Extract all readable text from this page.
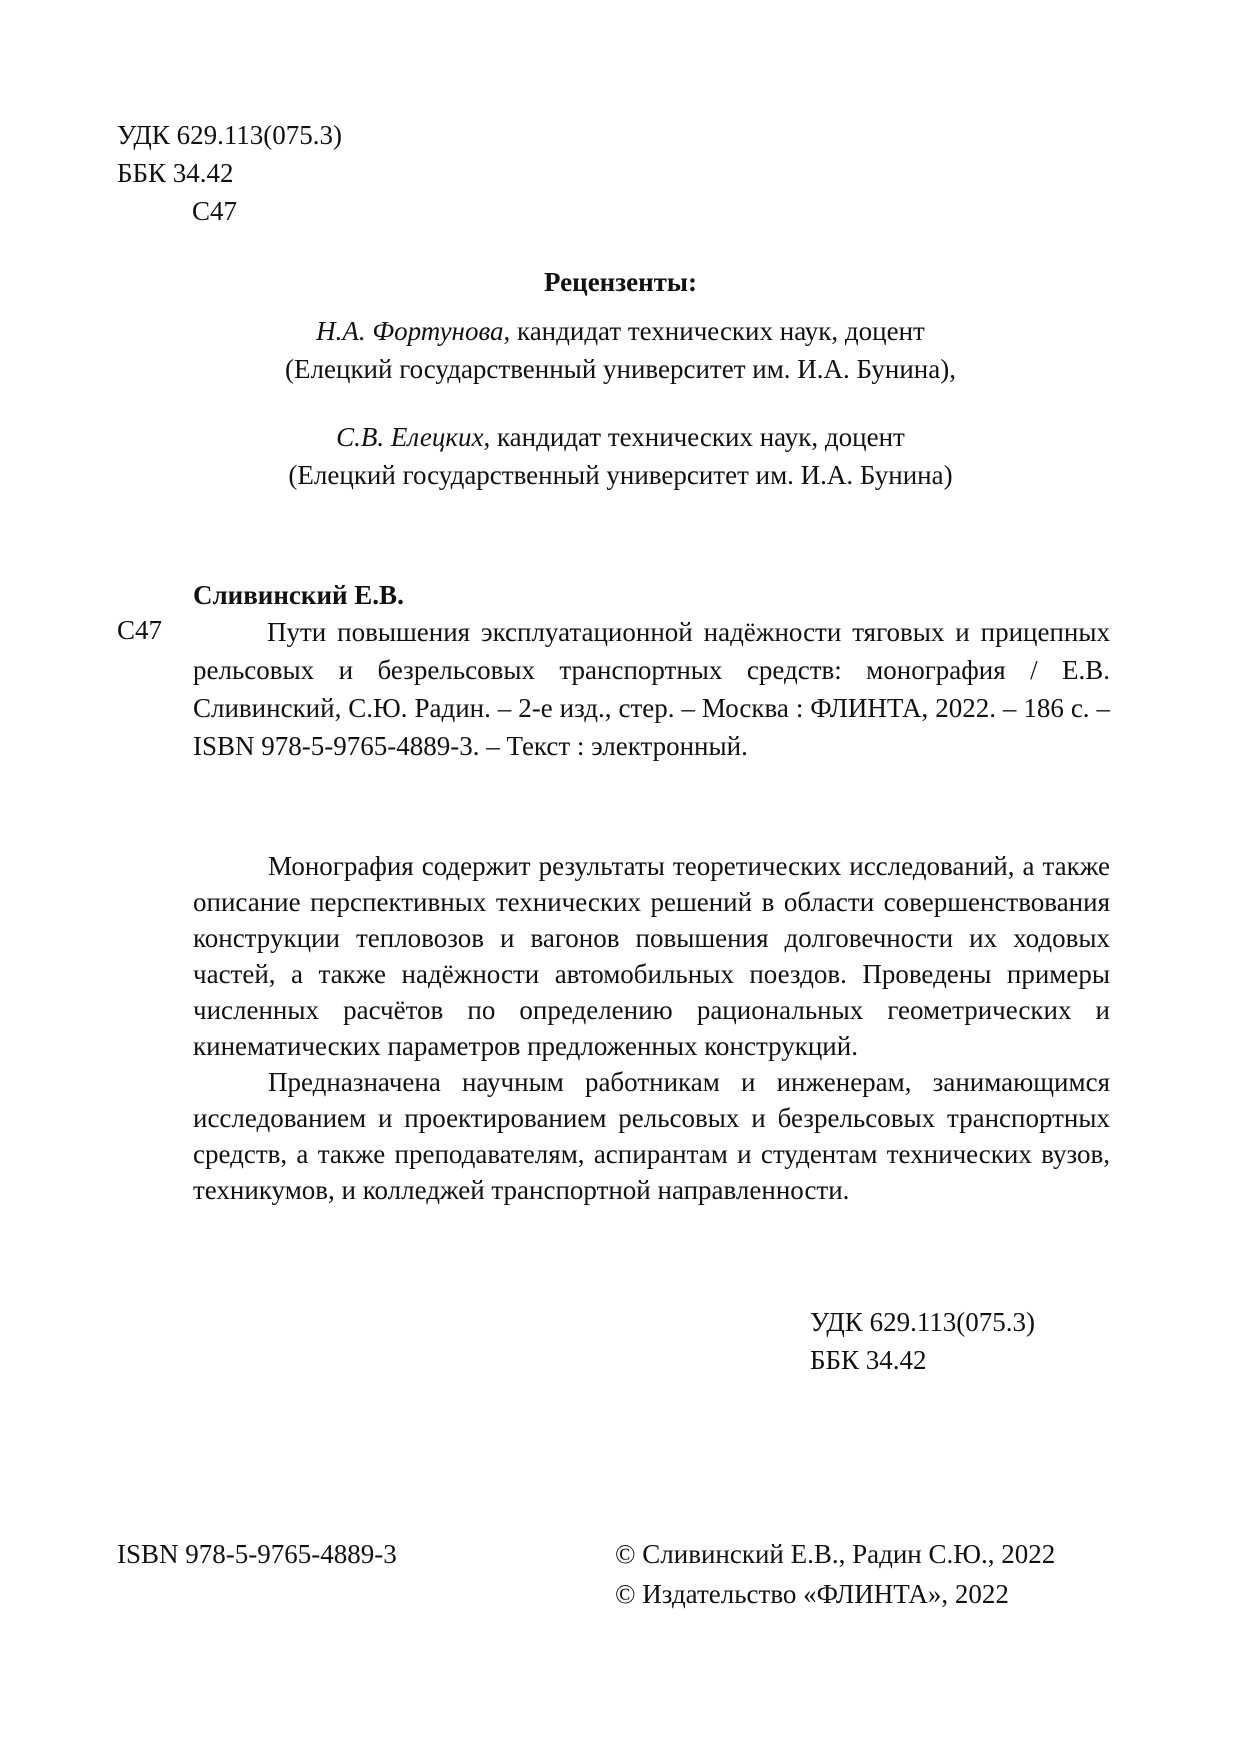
УДК 629.113(075.3)
ББК 34.42
С47
Рецензенты:
Н.А. Фортунова, кандидат технических наук, доцент
(Елецкий государственный университет им. И.А. Бунина),
С.В. Елецких, кандидат технических наук, доцент
(Елецкий государственный университет им. И.А. Бунина)
Сливинский Е.В.
С47	Пути повышения эксплуатационной надёжности тяговых и прицепных рельсовых и безрельсовых транспортных средств: монография / Е.В. Сливинский, С.Ю. Радин. – 2-е изд., стер. – Москва : ФЛИНТА, 2022. – 186 с. – ISBN 978-5-9765-4889-3. – Текст : электронный.

Монография содержит результаты теоретических исследований, а также описание перспективных технических решений в области совершенствования конструкции тепловозов и вагонов повышения долговечности их ходовых частей, а также надёжности автомобильных поездов. Проведены примеры численных расчётов по определению рациональных геометрических и кинематических параметров предложенных конструкций.

Предназначена научным работникам и инженерам, занимающимся исследованием и проектированием рельсовых и безрельсовых транспортных средств, а также преподавателям, аспирантам и студентам технических вузов, техникумов, и колледжей транспортной направленности.

УДК 629.113(075.3)
ББК 34.42
ISBN 978-5-9765-4889-3	© Сливинский Е.В., Радин С.Ю., 2022
© Издательство «ФЛИНТА», 2022
